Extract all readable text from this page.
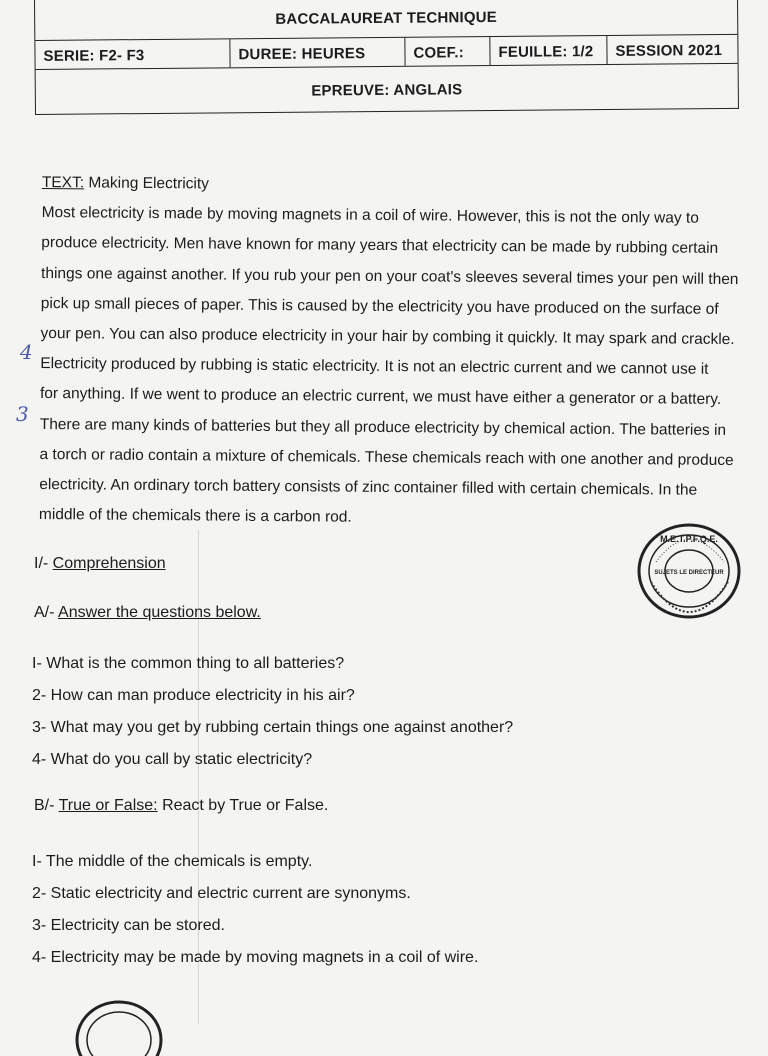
BACCALAUREAT TECHNIQUE
SERIE: F2- F3	DUREE: HEURES	COEF.:	FEUILLE: 1/2	SESSION 2021
EPREUVE: ANGLAIS
TEXT: Making Electricity
Most electricity is made by moving magnets in a coil of wire. However, this is not the only way to
produce electricity. Men have known for many years that electricity can be made by rubbing certain
things one against another. If you rub your pen on your coat's sleeves several times your pen will then
pick up small pieces of paper. This is caused by the electricity you have produced on the surface of
your pen. You can also produce electricity in your hair by combing it quickly. It may spark and crackle.
Electricity produced by rubbing is static electricity. It is not an electric current and we cannot use it
for anything. If we went to produce an electric current, we must have either a generator or a battery.
There are many kinds of batteries but they all produce electricity by chemical action. The batteries in
a torch or radio contain a mixture of chemicals. These chemicals reach with one another and produce
electricity. An ordinary torch battery consists of zinc container filled with certain chemicals. In the
middle of the chemicals there is a carbon rod.
4
3
M.E.T.P.F.Q.E.
SUJETS LE DIRECTEUR
I/- Comprehension
A/- Answer the questions below.
I- What is the common thing to all batteries?
2- How can man produce electricity in his air?
3- What may you get by rubbing certain things one against another?
4- What do you call by static electricity?
B/- True or False: React by True or False.
I- The middle of the chemicals is empty.
2- Static electricity and electric current are synonyms.
3- Electricity can be stored.
4- Electricity may be made by moving magnets in a coil of wire.
